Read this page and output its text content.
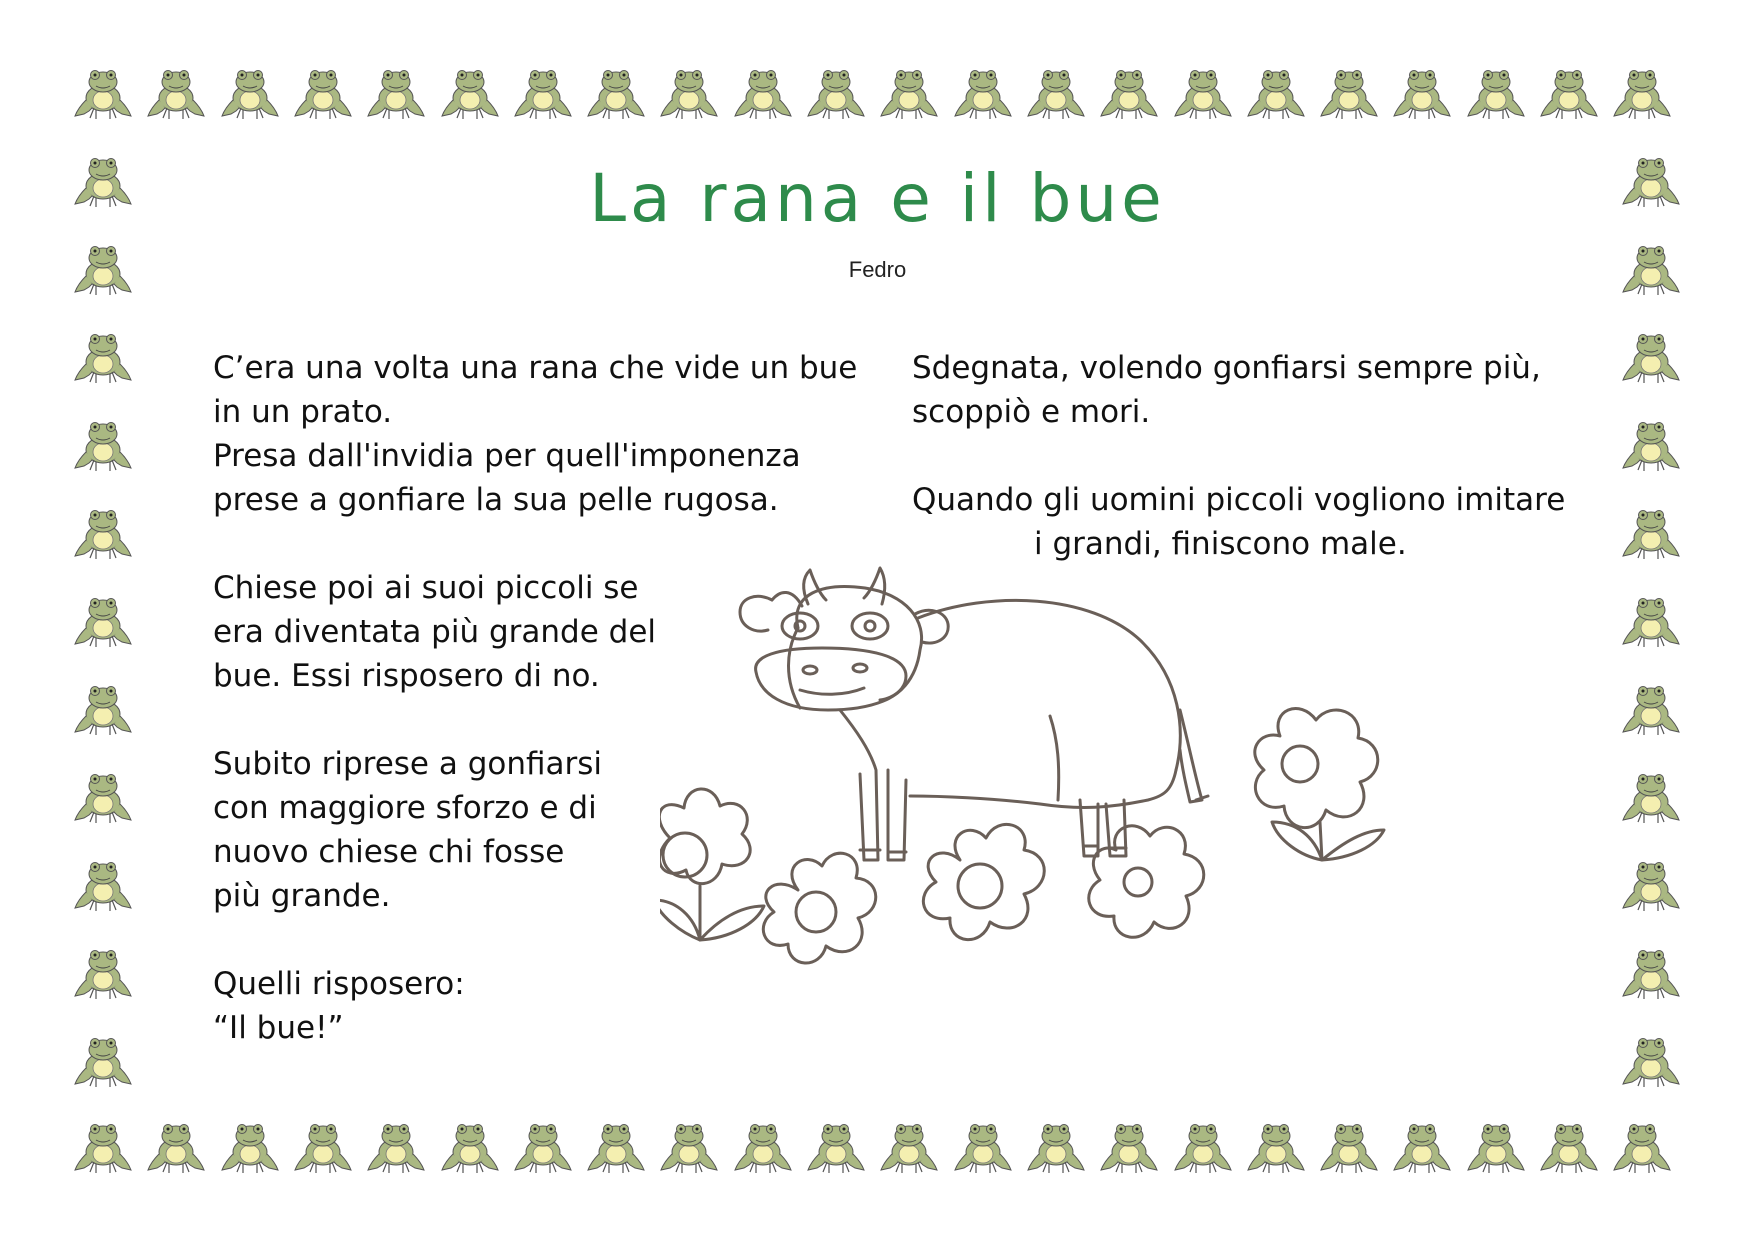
La rana e il bue
Fedro

C’era una volta una rana che vide un bue
in un prato.
Presa dall'invidia per quell'imponenza
prese a gonfiare la sua pelle rugosa.

Chiese poi ai suoi piccoli se
era diventata più grande del
bue. Essi risposero di no.

Subito riprese a gonfiarsi
con maggiore sforzo e di
nuovo chiese chi fosse
più grande.

Quelli risposero:
“Il bue!”

Sdegnata, volendo gonfiarsi sempre più,
scoppiò e mori.

Quando gli uomini piccoli vogliono imitare
i grandi, finiscono male.
